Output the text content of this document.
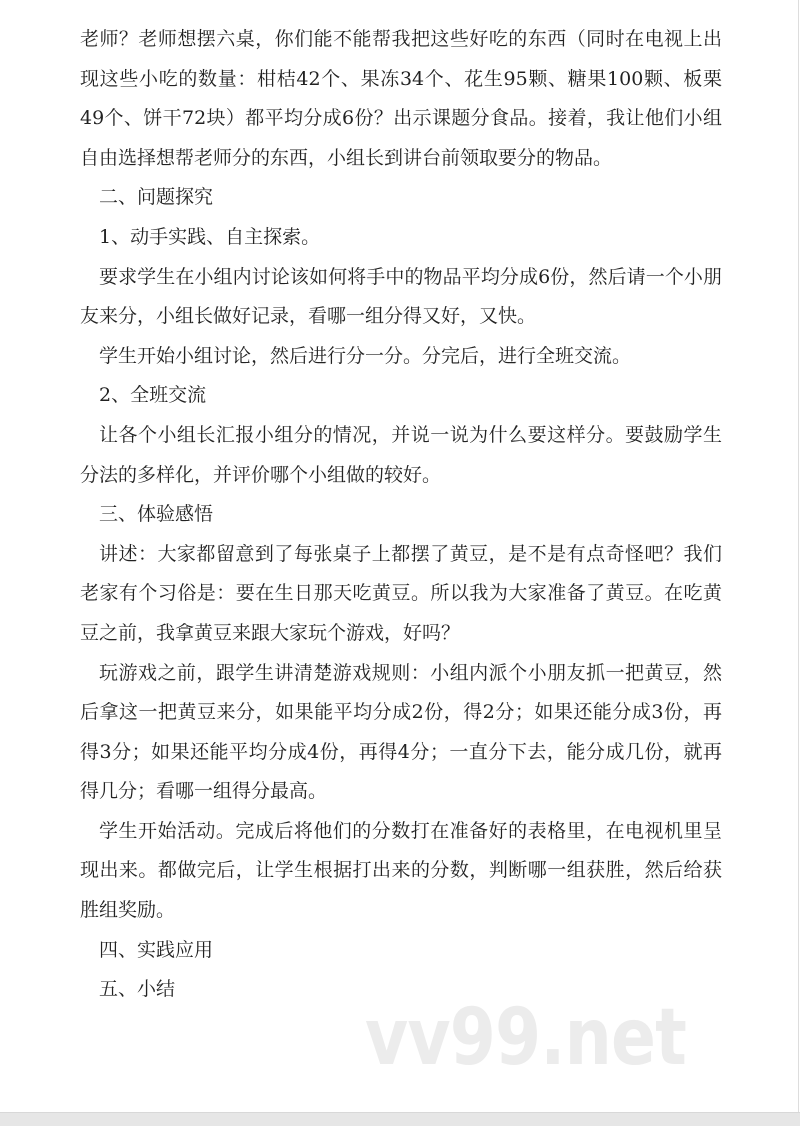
老师？老师想摆六桌，你们能不能帮我把这些好吃的东西（同时在电视上出现这些小吃的数量：柑桔42个、果冻34个、花生95颗、糖果100颗、板栗49个、饼干72块）都平均分成6份？出示课题分食品。接着，我让他们小组自由选择想帮老师分的东西，小组长到讲台前领取要分的物品。

二、问题探究

1、动手实践、自主探索。

要求学生在小组内讨论该如何将手中的物品平均分成6份，然后请一个小朋友来分，小组长做好记录，看哪一组分得又好，又快。

学生开始小组讨论，然后进行分一分。分完后，进行全班交流。

2、全班交流

让各个小组长汇报小组分的情况，并说一说为什么要这样分。要鼓励学生分法的多样化，并评价哪个小组做的较好。

三、体验感悟

讲述：大家都留意到了每张桌子上都摆了黄豆，是不是有点奇怪吧？我们老家有个习俗是：要在生日那天吃黄豆。所以我为大家准备了黄豆。在吃黄豆之前，我拿黄豆来跟大家玩个游戏，好吗？

玩游戏之前，跟学生讲清楚游戏规则：小组内派个小朋友抓一把黄豆，然后拿这一把黄豆来分，如果能平均分成2份，得2分；如果还能分成3份，再得3分；如果还能平均分成4份，再得4分；一直分下去，能分成几份，就再得几分；看哪一组得分最高。

学生开始活动。完成后将他们的分数打在准备好的表格里，在电视机里呈现出来。都做完后，让学生根据打出来的分数，判断哪一组获胜，然后给获胜组奖励。

四、实践应用

五、小结

vv99.net
